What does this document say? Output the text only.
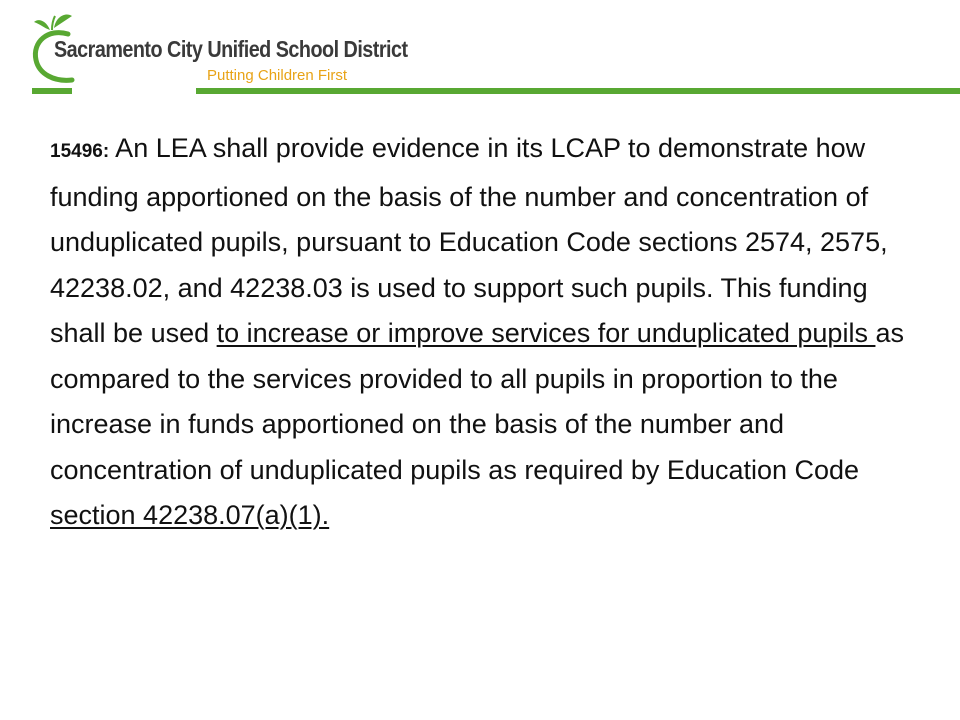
Sacramento City Unified School District
Putting Children First
15496: An LEA shall provide evidence in its LCAP to demonstrate how funding apportioned on the basis of the number and concentration of unduplicated pupils, pursuant to Education Code sections 2574, 2575, 42238.02, and 42238.03 is used to support such pupils. This funding shall be used to increase or improve services for unduplicated pupils as compared to the services provided to all pupils in proportion to the increase in funds apportioned on the basis of the number and concentration of unduplicated pupils as required by Education Code section 42238.07(a)(1).
